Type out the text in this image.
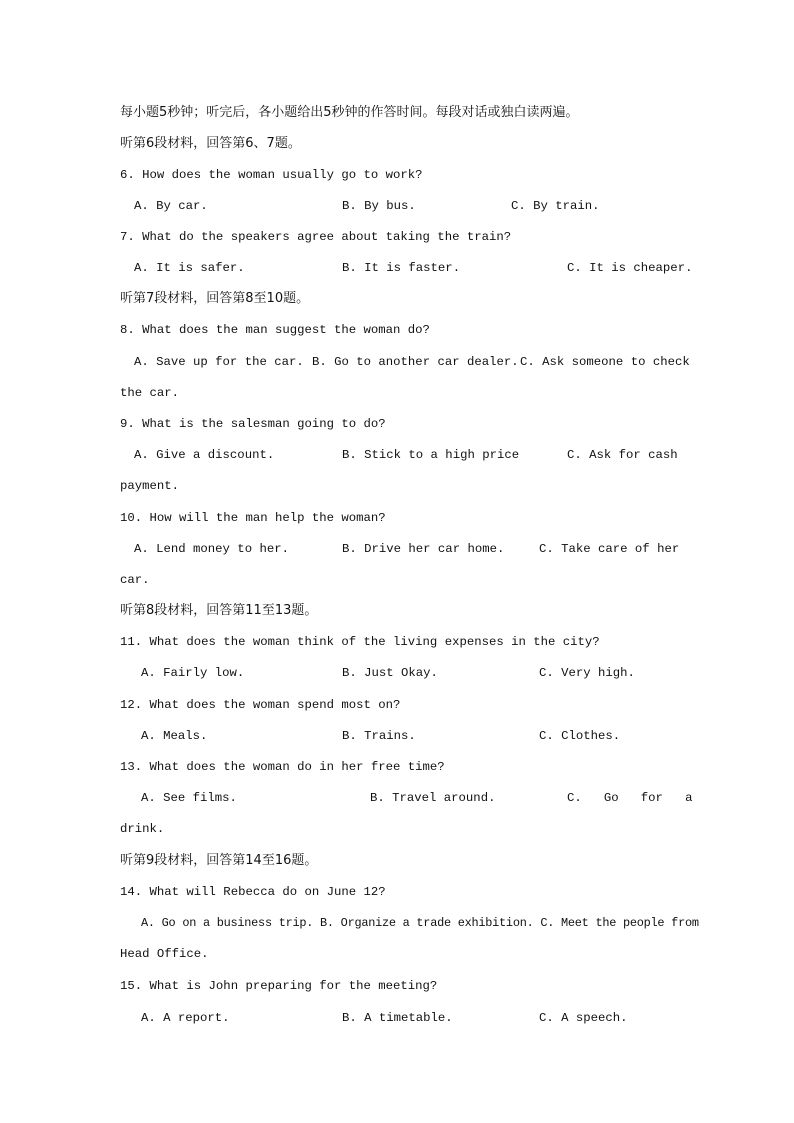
每小题5秒钟；听完后，各小题给出5秒钟的作答时间。每段对话或独白读两遍。
听第6段材料，回答第6、7题。
6. How does the woman usually go to work?
A. By car.	B. By bus.	C. By train.
7. What do the speakers agree about taking the train?
A. It is safer.	B. It is faster.	C. It is cheaper.
听第7段材料，回答第8至10题。
8. What does the man suggest the woman do?
A. Save up for the car. B. Go to another car dealer. C. Ask someone to check
the car.
9. What is the salesman going to do?
A. Give a discount.	B. Stick to a high price	C. Ask for cash
payment.
10. How will the man help the woman?
A. Lend money to her.	B. Drive her car home.	C. Take care of her
car.
听第8段材料，回答第11至13题。
11. What does the woman think of the living expenses in the city?
A. Fairly low.	B. Just Okay.	C. Very high.
12. What does the woman spend most on?
A. Meals.	B. Trains.	C. Clothes.
13. What does the woman do in her free time?
A. See films.	B. Travel around.	C.   Go   for   a
drink.
听第9段材料，回答第14至16题。
14. What will Rebecca do on June 12?
A. Go on a business trip. B. Organize a trade exhibition. C. Meet the people from
Head Office.
15. What is John preparing for the meeting?
A. A report.	B. A timetable.	C. A speech.
